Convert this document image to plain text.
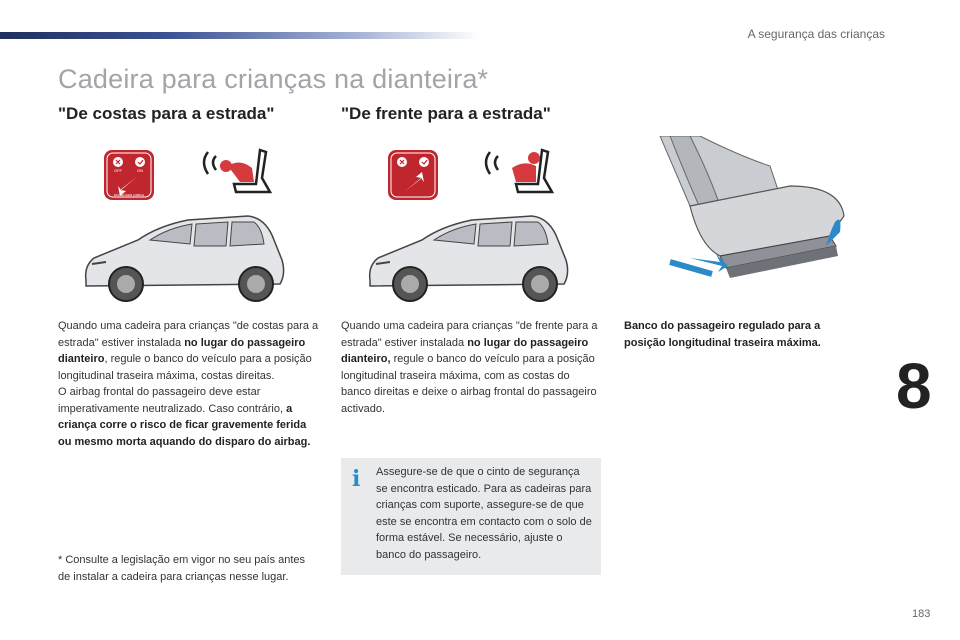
A segurança das crianças
Cadeira para crianças na dianteira*
"De costas para a estrada"	"De frente para a estrada"
OFF	ON
PASSENGER AIRBAG
Quando uma cadeira para crianças "de costas para a estrada" estiver instalada no lugar do passageiro dianteiro, regule o banco do veículo para a posição longitudinal traseira máxima, costas direitas.
O airbag frontal do passageiro deve estar imperativamente neutralizado. Caso contrário, a criança corre o risco de ficar gravemente ferida ou mesmo morta aquando do disparo do airbag.
Quando uma cadeira para crianças "de frente para a estrada" estiver instalada no lugar do passageiro dianteiro, regule o banco do veículo para a posição longitudinal traseira máxima, com as costas do banco direitas e deixe o airbag frontal do passageiro activado.
Banco do passageiro regulado para a posição longitudinal traseira máxima.
i Assegure-se de que o cinto de segurança se encontra esticado. Para as cadeiras para crianças com suporte, assegure-se de que este se encontra em contacto com o solo de forma estável. Se necessário, ajuste o banco do passageiro.
* Consulte a legislação em vigor no seu país antes de instalar a cadeira para crianças nesse lugar.
8
183
